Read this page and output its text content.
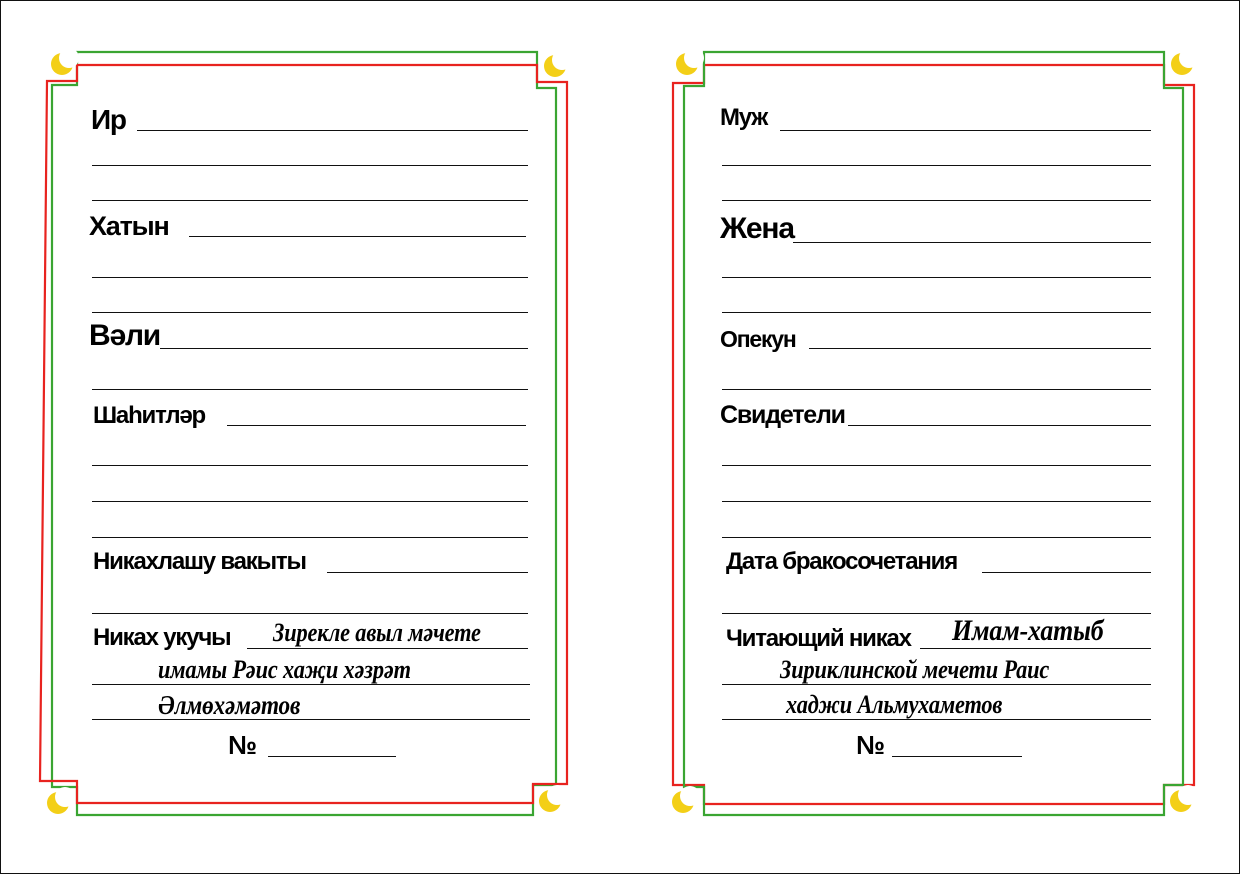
Ир
Хатын
Вәли
Шаһитләр
Никахлашу вакыты
Никах укучы Зирекле авыл мәчете
имамы Рәис хаҗи хәзрәт
Әлмөхәмәтов
№
Муж
Жена
Опекун
Свидетели
Дата бракосочетания
Читающий никах Имам-хатыб
Зириклинской мечети Раис
хаджи Альмухаметов
№
